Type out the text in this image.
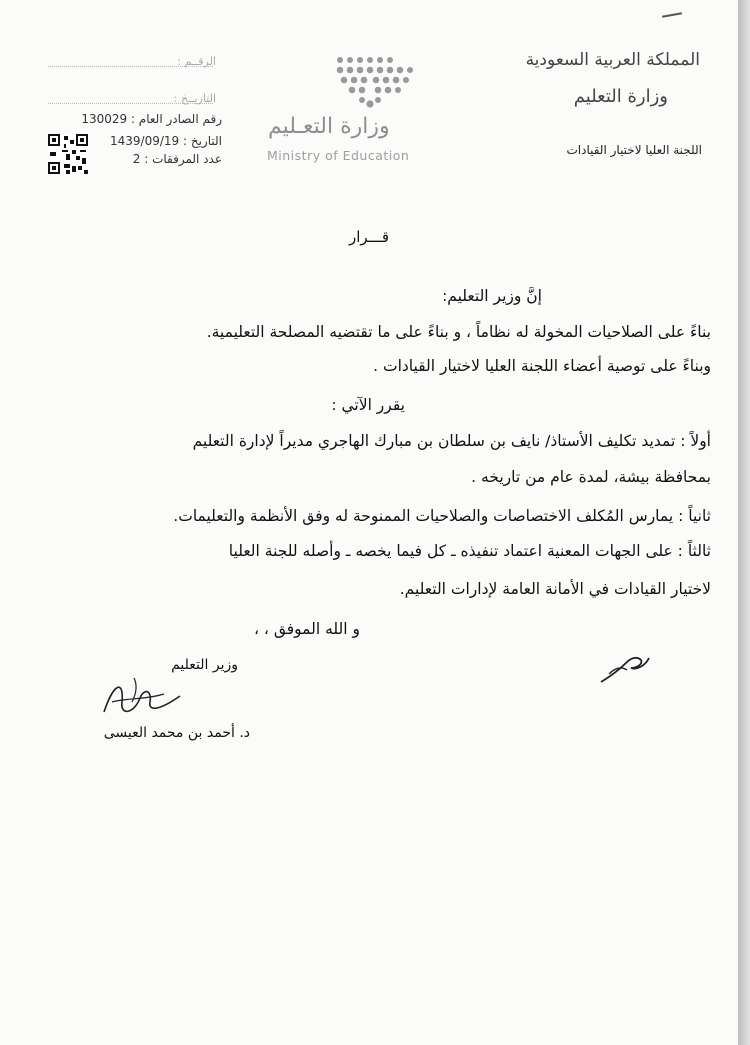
المملكة العربية السعودية
وزارة التعليم
اللجنة العليا لاختيار القيادات
وزارة التعـليم
Ministry of Education
الرقــم :
التاريــخ :
رقم الصادر العام : 130029
التاريخ : 1439/09/19
عدد المرفقات : 2
قـــرار
إنَّ وزير التعليم:
بناءً على الصلاحيات المخولة له نظاماً ، و بناءً على ما تقتضيه المصلحة التعليمية.
وبناءً على توصية أعضاء اللجنة العليا لاختيار القيادات .
يقرر الآتي :
أولاً : تمديد تكليف الأستاذ/ نايف بن سلطان بن مبارك الهاجري مديراً لإدارة التعليم
بمحافظة بيشة، لمدة عام من تاريخه .
ثانياً : يمارس المُكلف الاختصاصات والصلاحيات الممنوحة له وفق الأنظمة والتعليمات.
ثالثاً : على الجهات المعنية اعتماد تنفيذه ـ كل فيما يخصه ـ وأصله للجنة العليا
لاختيار القيادات في الأمانة العامة لإدارات التعليم.
و الله الموفق ، ،
وزير التعليم
د. أحمد بن محمد العيسى
